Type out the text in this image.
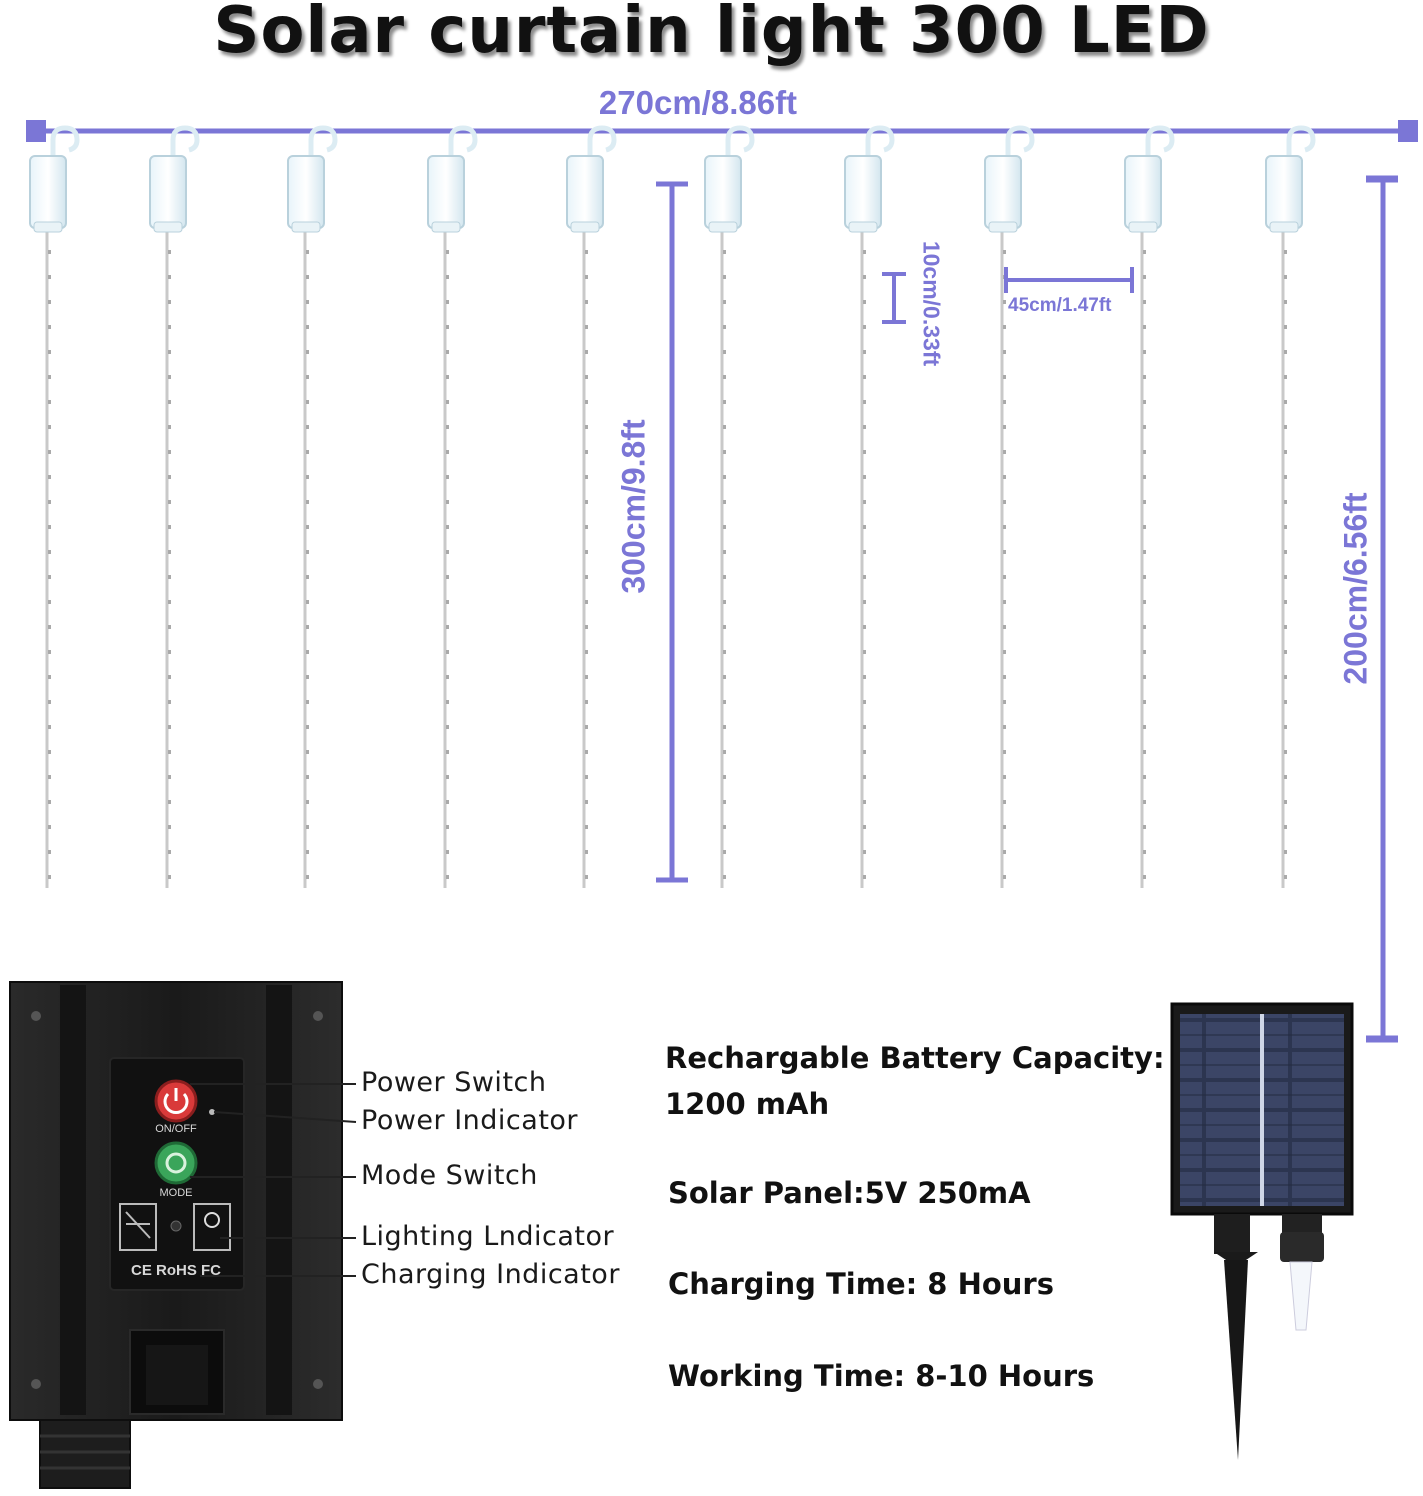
Solar curtain light 300 LED
ON/OFF
MODE
CE RoHS FC
270cm/8.86ft
300cm/9.8ft
10cm/0.33ft	45cm/1.47ft
200cm/6.56ft
Power Switch
Power Indicator
Mode Switch
Lighting Lndicator
Charging Indicator
Rechargable Battery Capacity:
1200 mAh
Solar Panel:5V 250mA
Charging Time: 8 Hours
Working Time: 8-10 Hours
